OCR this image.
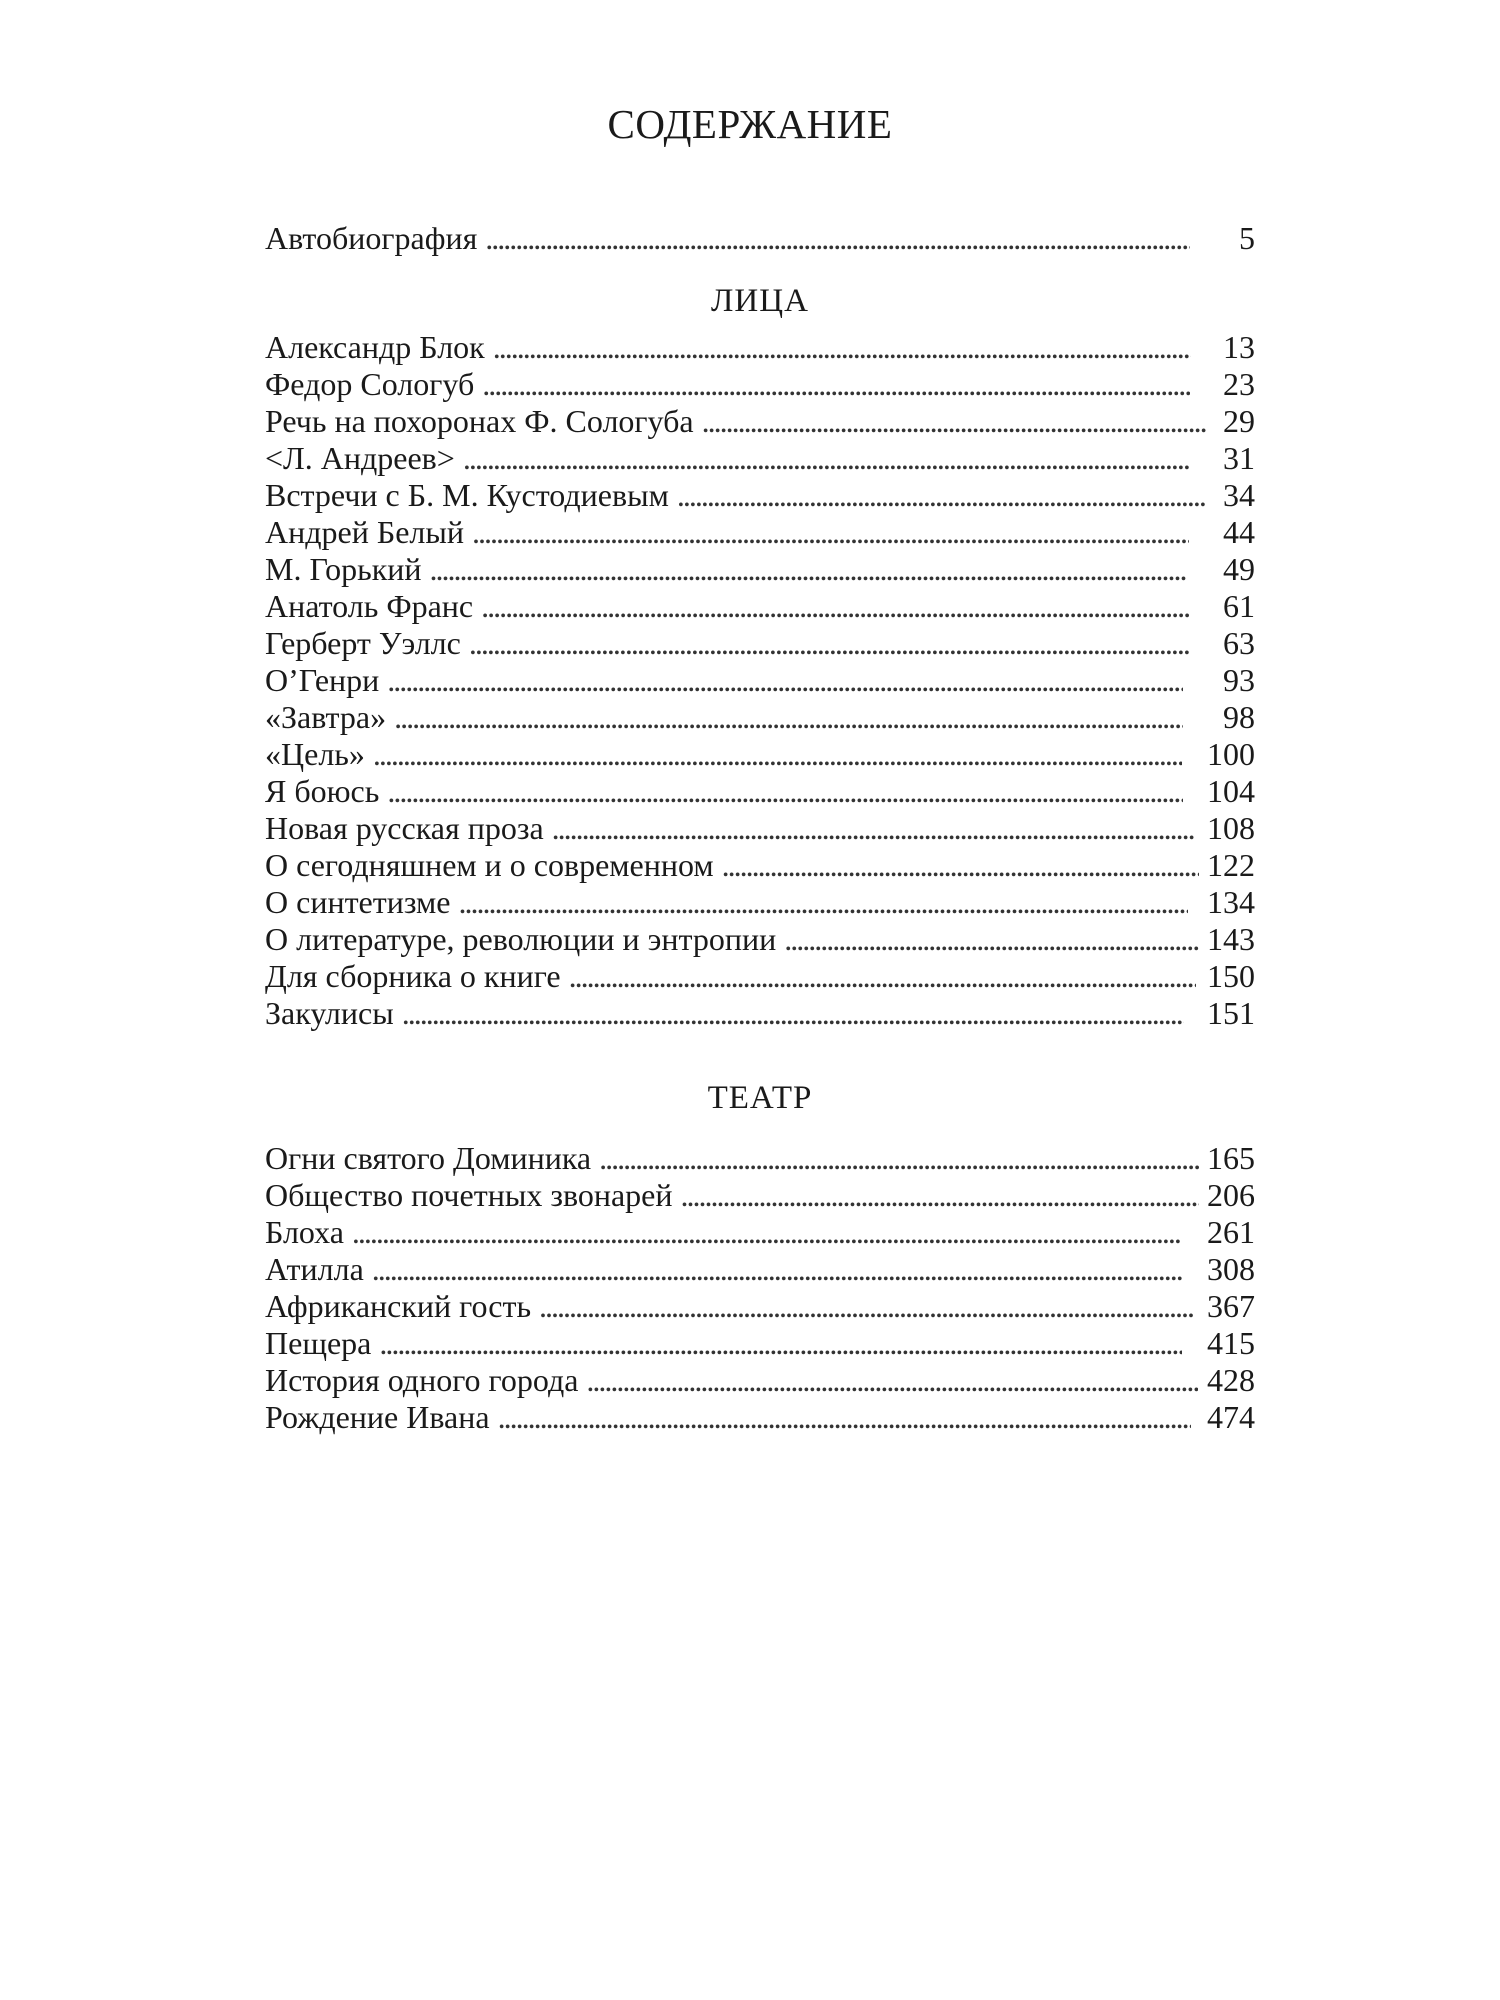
СОДЕРЖАНИЕ
Автобиография . . .	5
ЛИЦА
Александр Блок . . .	13
Федор Сологуб . . .	23
Речь на похоронах Ф. Сологуба . . .	29
<Л. Андреев> . . .	31
Встречи с Б. М. Кустодиевым . . .	34
Андрей Белый . . .	44
М. Горький . . .	49
Анатоль Франс . . .	61
Герберт Уэллс . . .	63
О’Генри . . .	93
«Завтра» . . .	98
«Цель» . . .	100
Я боюсь . . .	104
Новая русская проза . . .	108
О сегодняшнем и о современном . . .	122
О синтетизме . . .	134
О литературе, революции и энтропии . . .	143
Для сборника о книге . . .	150
Закулисы . . .	151
ТЕАТР
Огни святого Доминика . . .	165
Общество почетных звонарей . . .	206
Блоха . . .	261
Атилла . . .	308
Африканский гость . . .	367
Пещера . . .	415
История одного города . . .	428
Рождение Ивана . . .	474
